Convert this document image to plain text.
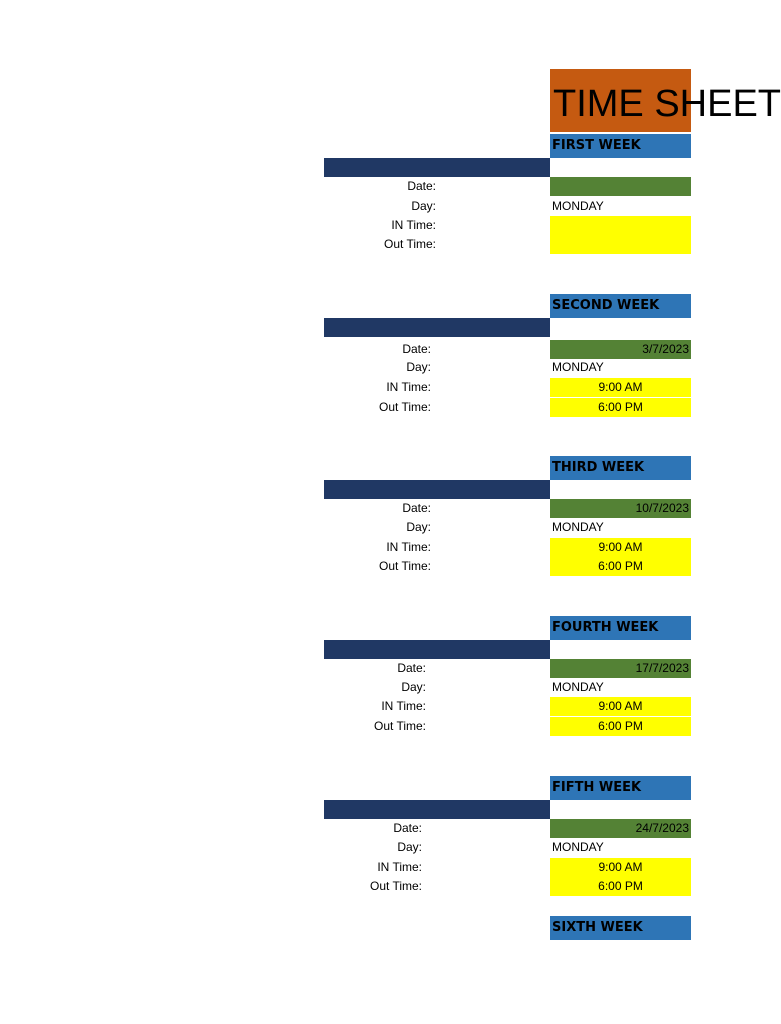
TIME SHEET
FIRST WEEK
Date:
Day:	MONDAY
IN Time:
Out Time:
SECOND WEEK
Date:	3/7/2023
Day:	MONDAY
IN Time:	9:00 AM
Out Time:	6:00 PM
THIRD WEEK
Date:	10/7/2023
Day:	MONDAY
IN Time:	9:00 AM
Out Time:	6:00 PM
FOURTH WEEK
Date:	17/7/2023
Day:	MONDAY
IN Time:	9:00 AM
Out Time:	6:00 PM
FIFTH WEEK
Date:	24/7/2023
Day:	MONDAY
IN Time:	9:00 AM
Out Time:	6:00 PM
SIXTH WEEK
